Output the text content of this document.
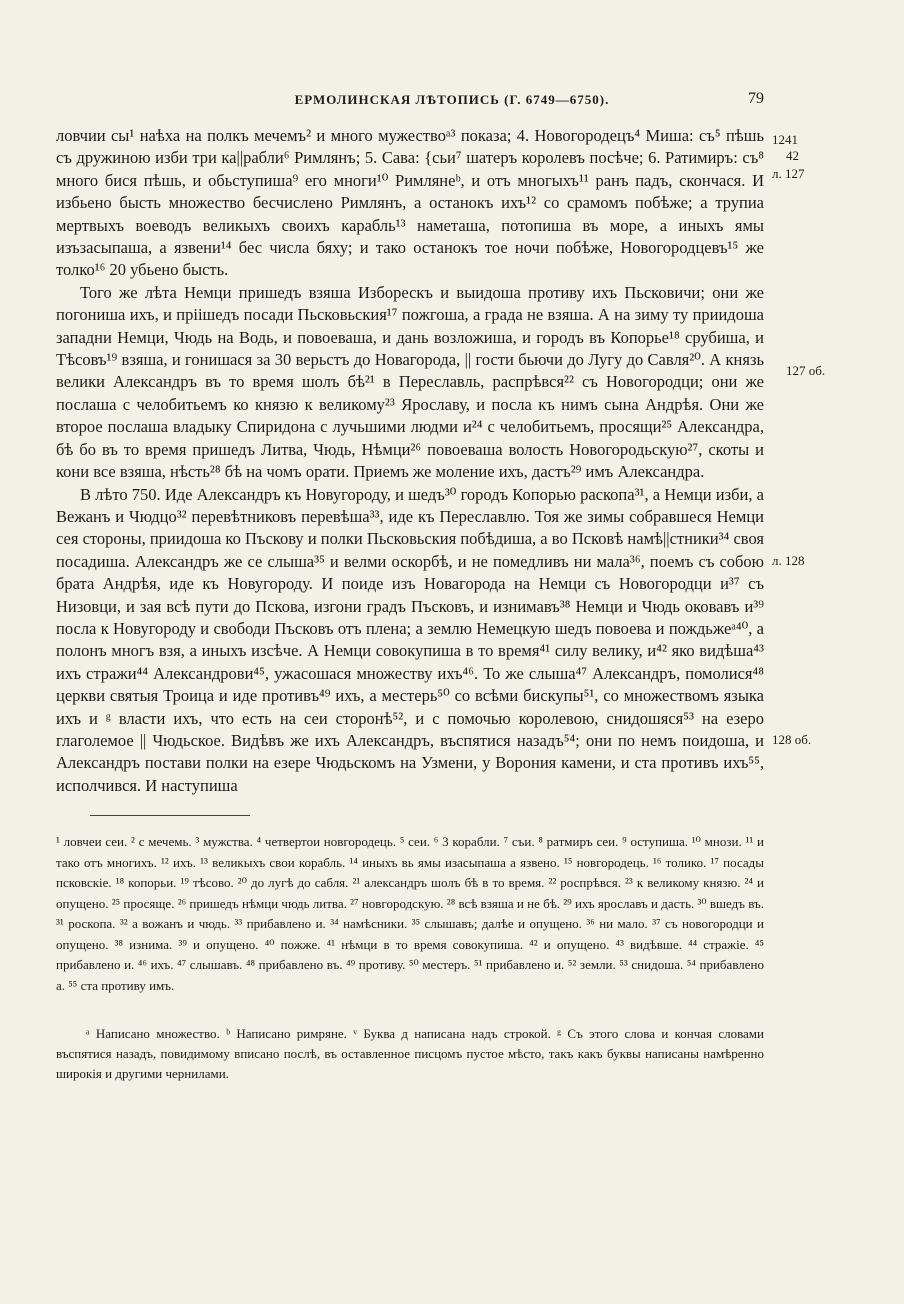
ЕРМОЛИНСКАЯ ЛѢТОПИСЬ (Г. 6749—6750).	79

ловчии сы¹ наѣха на полкъ мечемъ² и много мужествоᵃ³ показа; 4. Новогородецъ⁴ Миша: съ⁵ пѣшь съ дружиною изби три ка||рабли⁶ Римлянъ; 5. Сава: {сьи⁷ шатеръ королевъ посѣче; 6. Ратимиръ: съ⁸ много бися пѣшь, и обьступиша⁹ его многи¹⁰ Римлянеᵇ, и отъ многыхъ¹¹ ранъ падъ, скончася. И избьено бысть множество бесчислено Римлянъ, а останокъ ихъ¹² со срамомъ побѣже; а трупиа мертвыхъ воеводъ великыхъ своихъ карабль¹³ наметаша, потопиша въ море, а иныхъ ямы изъзасыпаша, а язвени¹⁴ бес числа бяху; и тако останокъ тое ночи побѣже, Новогородцевъ¹⁵ же толко¹⁶ 20 убьено бысть.

Того же лѣта Немци пришедъ взяша Изборескъ и выидоша противу ихъ Пьсковичи; они же погониша ихъ, и пріішедъ посади Пьсковьския¹⁷ пожгоша, а града не взяша. А на зиму ту приидоша западни Немци, Чюдь на Водь, и повоеваша, и дань возложиша, и городъ въ Копорье¹⁸ срубиша, и Тѣсовъ¹⁹ взяша, и гонишася за 30 верьстъ до Новагорода, || гости бьючи до Лугу до Савля²⁰. А князь велики Александръ въ то время шолъ бѣ²¹ в Переславль, распрѣвся²² съ Новогородци; они же послаша с челобитьемъ ко князю к великому²³ Ярославу, и посла къ нимъ сына Андрѣя. Они же второе послаша владыку Спиридона с лучьшими людми и²⁴ с челобитьемъ, просящи²⁵ Александра, бѣ бо въ то время пришедъ Литва, Чюдь, Нѣмци²⁶ повоеваша волость Новогородьскую²⁷, скоты и кони все взяша, нѣсть²⁸ бѣ на чомъ орати. Приемъ же моление ихъ, дастъ²⁹ имъ Александра.

В лѣто 750. Иде Александръ къ Новугороду, и шедъ³⁰ городъ Копорью раскопа³¹, а Немци изби, а Вежанъ и Чюдцо³² перевѣтниковъ перевѣша³³, иде къ Переславлю. Тоя же зимы собравшеся Немци сея стороны, приидоша ко Пъскову и полки Пьсковьския побѣдиша, а во Псковѣ намѣ||стники³⁴ своя посадиша. Александръ же се слыша³⁵ и велми оскорбѣ, и не помедливъ ни мала³⁶, поемъ съ собою брата Андрѣя, иде къ Новугороду. И поиде изъ Новагорода на Немци съ Новогородци и³⁷ съ Низовци, и зая всѣ пути до Пскова, изгони градъ Пъсковъ, и изнимавъ³⁸ Немци и Чюдь оковавъ и³⁹ посла к Новугороду и свободи Пъсковъ отъ плена; а землю Немецкую шедъ повоева и пождьжеᵃ⁴⁰, а полонъ многъ взя, а иныхъ изсѣче. А Немци совокупиша в то время⁴¹ силу велику, и⁴² яко видѣша⁴³ ихъ стражи⁴⁴ Александрови⁴⁵, ужасошася множеству ихъ⁴⁶. То же слыша⁴⁷ Александръ, помолися⁴⁸ церкви святыя Троица и иде противъ⁴⁹ ихъ, а местерь⁵⁰ со всѣми бискупы⁵¹, со множествомъ языка ихъ и ᵍ власти ихъ, что есть на сеи сторонѣ⁵², и с помочью королевою, снидошяся⁵³ на езеро глаголемое || Чюдьское. Видѣвъ же ихъ Александръ, въспятися назадъ⁵⁴; они по немъ поидоша, и Александръ постави полки на езере Чюдьскомъ на Узмени, у Ворония камени, и ста противъ ихъ⁵⁵, исполчився. И наступиша

1241
42
л. 127
127 об.
л. 128
128 об.
¹ ловчеи сеи. ² с мечемь. ³ мужства. ⁴ четвертои новгородець. ⁵ сеи. ⁶ 3 корабли. ⁷ съи. ⁸ ратмиръ сеи. ⁹ оступиша. ¹⁰ мнози. ¹¹ и тако отъ многихъ. ¹² ихъ. ¹³ великыхъ свои корабль. ¹⁴ иныхъ вь ямы изасыпаша а язвено. ¹⁵ новгородець. ¹⁶ толико. ¹⁷ посады псковскіе. ¹⁸ копорьи. ¹⁹ тѣсово. ²⁰ до лугѣ до сабля. ²¹ александръ шолъ бѣ в то время. ²² роспрѣвся. ²³ к великому князю. ²⁴ и опущено. ²⁵ просяще. ²⁶ пришедъ нѣмци чюдь литва. ²⁷ новгородскую. ²⁸ всѣ взяша и не бѣ. ²⁹ ихъ ярославъ и дасть. ³⁰ вшедъ въ. ³¹ роскопа. ³² а вожанъ и чюдь. ³³ прибавлено и. ³⁴ намѣсники. ³⁵ слышавъ; далѣе и опущено. ³⁶ ни мало. ³⁷ съ новогородци и опущено. ³⁸ изнима. ³⁹ и опущено. ⁴⁰ пожже. ⁴¹ нѣмци в то время совокупиша. ⁴² и опущено. ⁴³ видѣвше. ⁴⁴ стражіе. ⁴⁵ прибавлено и. ⁴⁶ ихъ. ⁴⁷ слышавъ. ⁴⁸ прибавлено въ. ⁴⁹ противу. ⁵⁰ местеръ. ⁵¹ прибавлено и. ⁵² земли. ⁵³ снидоша. ⁵⁴ прибавлено а. ⁵⁵ ста противу имъ.
ᵃ Написано множество. ᵇ Написано римряне. ᵛ Буква д написана надъ строкой. ᵍ Съ этого слова и кончая словами въспятися назадъ, повидимому вписано послѣ, въ оставленное писцомъ пустое мѣсто, такъ какъ буквы написаны намѣренно широкія и другими чернилами.
